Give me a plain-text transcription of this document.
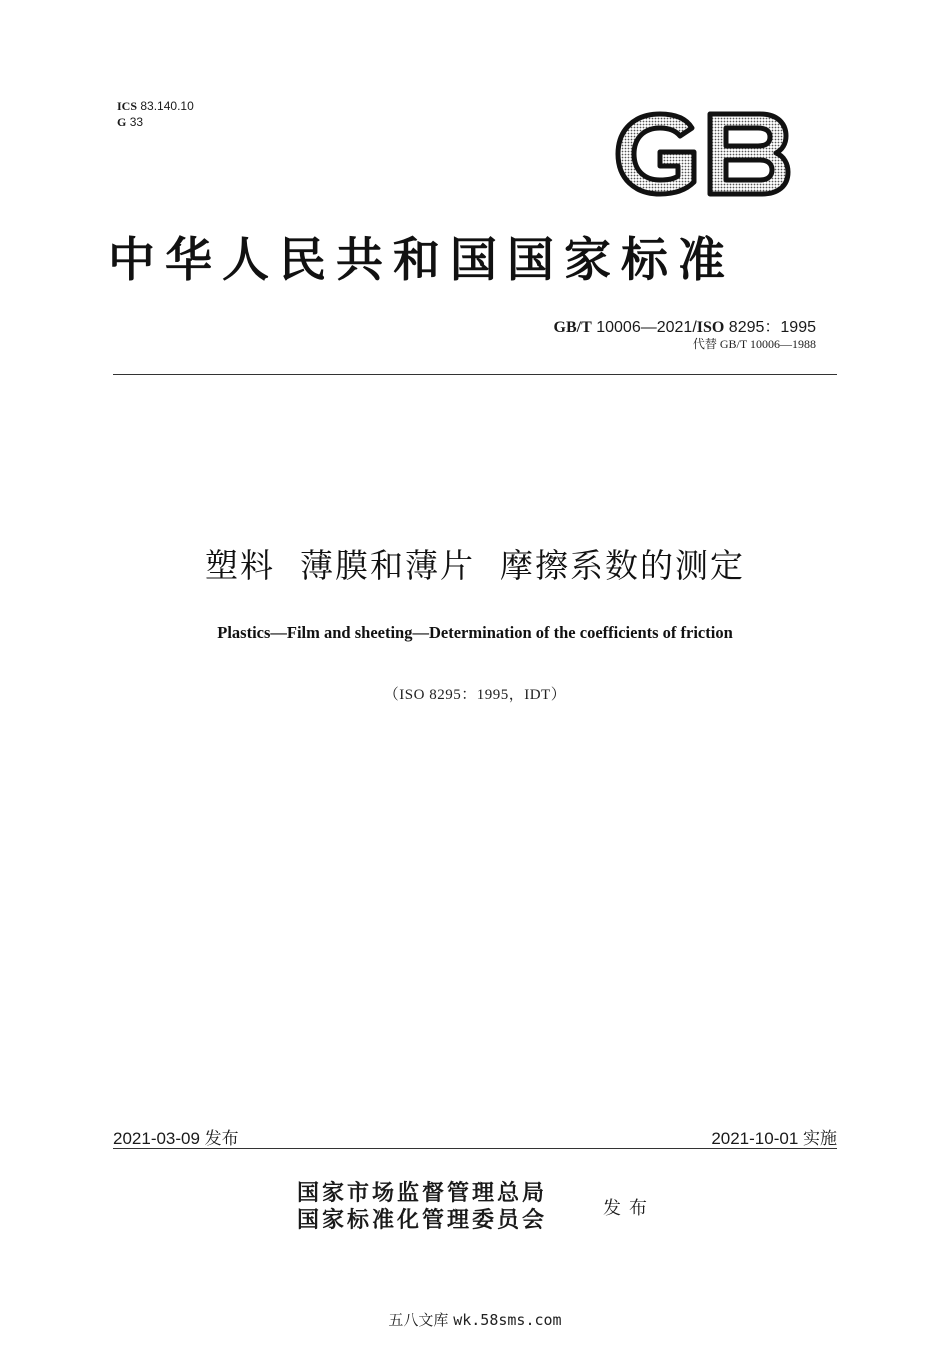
ICS 83.140.10
G 33
GB
中华人民共和国国家标准
GB/T 10006—2021/ISO 8295：1995
代替 GB/T 10006—1988
塑料  薄膜和薄片  摩擦系数的测定
Plastics—Film and sheeting—Determination of the coefficients of friction
（ISO 8295：1995，IDT）
2021-03-09 发布	2021-10-01 实施
国家市场监督管理总局
国家标准化管理委员会	发布
五八文库 wk.58sms.com
